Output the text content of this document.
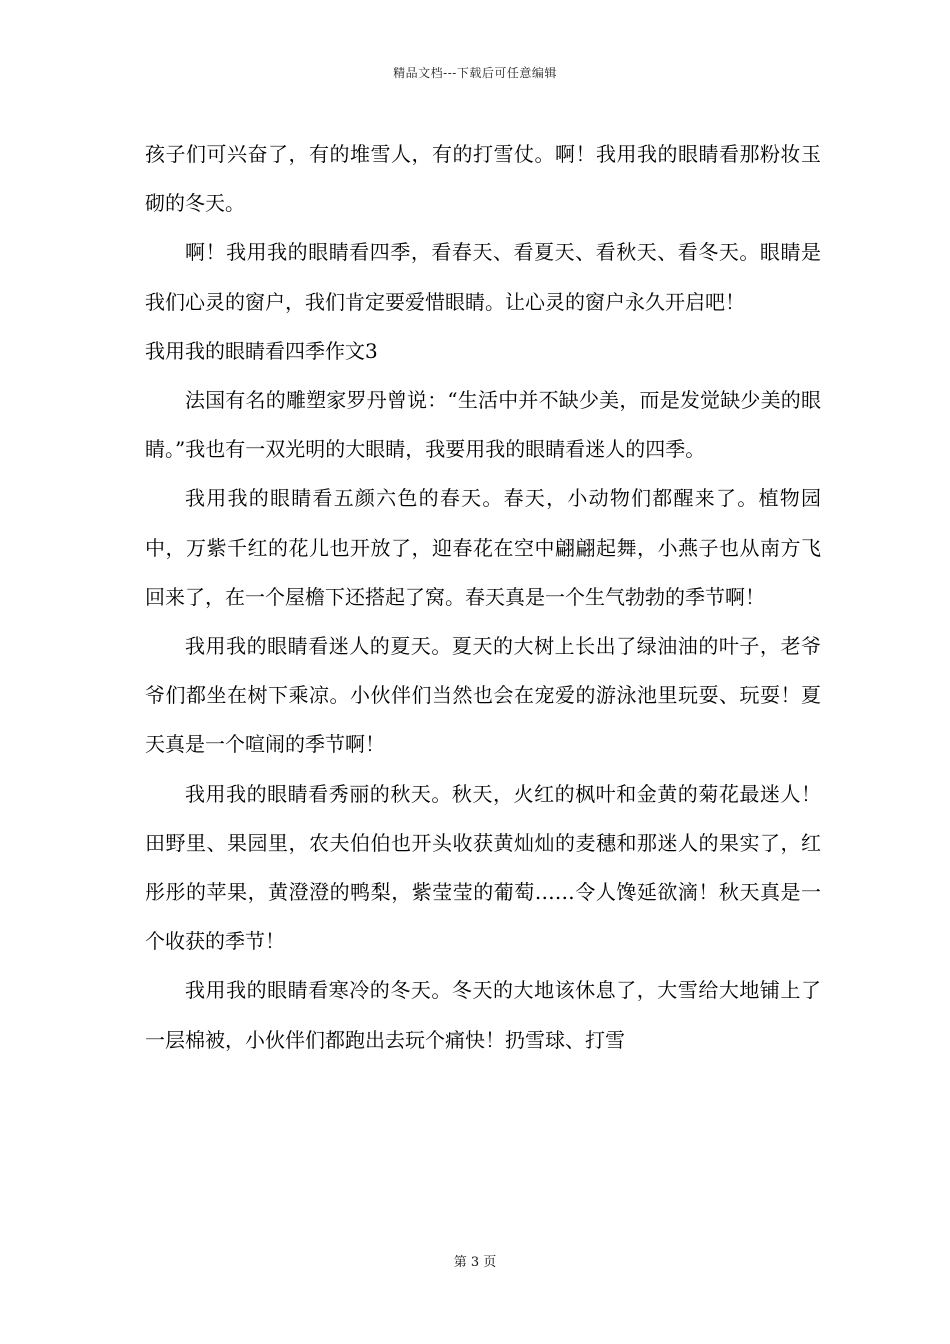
精品文档---下载后可任意编辑

孩子们可兴奋了，有的堆雪人，有的打雪仗。啊！我用我的眼睛看那粉妆玉砌的冬天。

啊！我用我的眼睛看四季，看春天、看夏天、看秋天、看冬天。眼睛是我们心灵的窗户，我们肯定要爱惜眼睛。让心灵的窗户永久开启吧！

我用我的眼睛看四季作文3

法国有名的雕塑家罗丹曾说：“生活中并不缺少美，而是发觉缺少美的眼睛。”我也有一双光明的大眼睛，我要用我的眼睛看迷人的四季。

我用我的眼睛看五颜六色的春天。春天，小动物们都醒来了。植物园中，万紫千红的花儿也开放了，迎春花在空中翩翩起舞，小燕子也从南方飞回来了，在一个屋檐下还搭起了窝。春天真是一个生气勃勃的季节啊！

我用我的眼睛看迷人的夏天。夏天的大树上长出了绿油油的叶子，老爷爷们都坐在树下乘凉。小伙伴们当然也会在宠爱的游泳池里玩耍、玩耍！夏天真是一个喧闹的季节啊！

我用我的眼睛看秀丽的秋天。秋天，火红的枫叶和金黄的菊花最迷人！田野里、果园里，农夫伯伯也开头收获黄灿灿的麦穗和那迷人的果实了，红彤彤的苹果，黄澄澄的鸭梨，紫莹莹的葡萄……令人馋延欲滴！秋天真是一个收获的季节！

我用我的眼睛看寒冷的冬天。冬天的大地该休息了，大雪给大地铺上了一层棉被，小伙伴们都跑出去玩个痛快！扔雪球、打雪

第 3 页
